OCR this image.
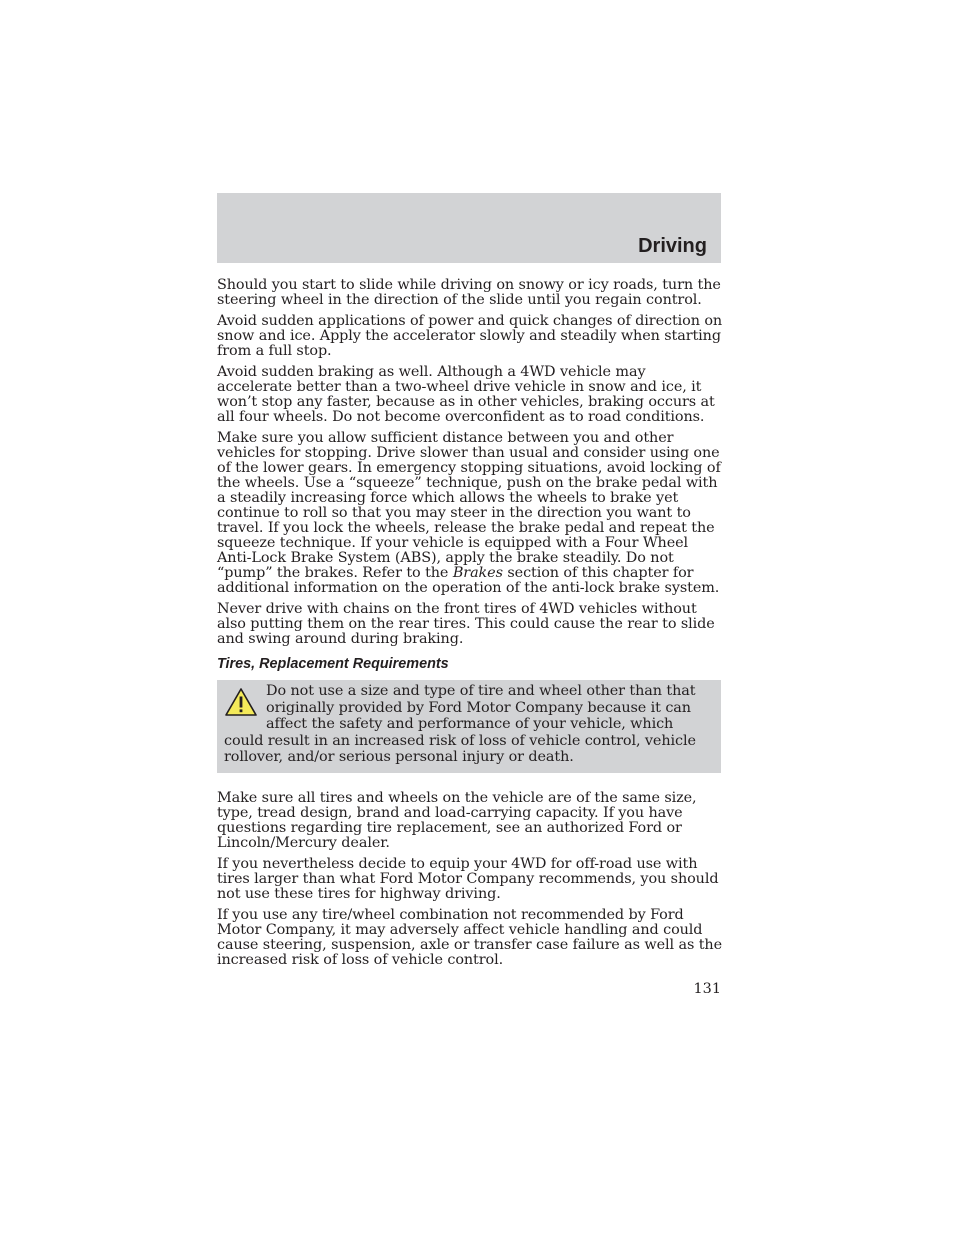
Driving

Should you start to slide while driving on snowy or icy roads, turn the steering wheel in the direction of the slide until you regain control.

Avoid sudden applications of power and quick changes of direction on snow and ice. Apply the accelerator slowly and steadily when starting from a full stop.

Avoid sudden braking as well. Although a 4WD vehicle may accelerate better than a two-wheel drive vehicle in snow and ice, it won’t stop any faster, because as in other vehicles, braking occurs at all four wheels. Do not become overconfident as to road conditions.

Make sure you allow sufficient distance between you and other vehicles for stopping. Drive slower than usual and consider using one of the lower gears. In emergency stopping situations, avoid locking of the wheels. Use a “squeeze” technique, push on the brake pedal with a steadily increasing force which allows the wheels to brake yet continue to roll so that you may steer in the direction you want to travel. If you lock the wheels, release the brake pedal and repeat the squeeze technique. If your vehicle is equipped with a Four Wheel Anti-Lock Brake System (ABS), apply the brake steadily. Do not “pump” the brakes. Refer to the Brakes section of this chapter for additional information on the operation of the anti-lock brake system.

Never drive with chains on the front tires of 4WD vehicles without also putting them on the rear tires. This could cause the rear to slide and swing around during braking.

Tires, Replacement Requirements
Do not use a size and type of tire and wheel other than that originally provided by Ford Motor Company because it can affect the safety and performance of your vehicle, which could result in an increased risk of loss of vehicle control, vehicle rollover, and/or serious personal injury or death.

Make sure all tires and wheels on the vehicle are of the same size, type, tread design, brand and load-carrying capacity. If you have questions regarding tire replacement, see an authorized Ford or Lincoln/Mercury dealer.

If you nevertheless decide to equip your 4WD for off-road use with tires larger than what Ford Motor Company recommends, you should not use these tires for highway driving.

If you use any tire/wheel combination not recommended by Ford Motor Company, it may adversely affect vehicle handling and could cause steering, suspension, axle or transfer case failure as well as the increased risk of loss of vehicle control.

131
